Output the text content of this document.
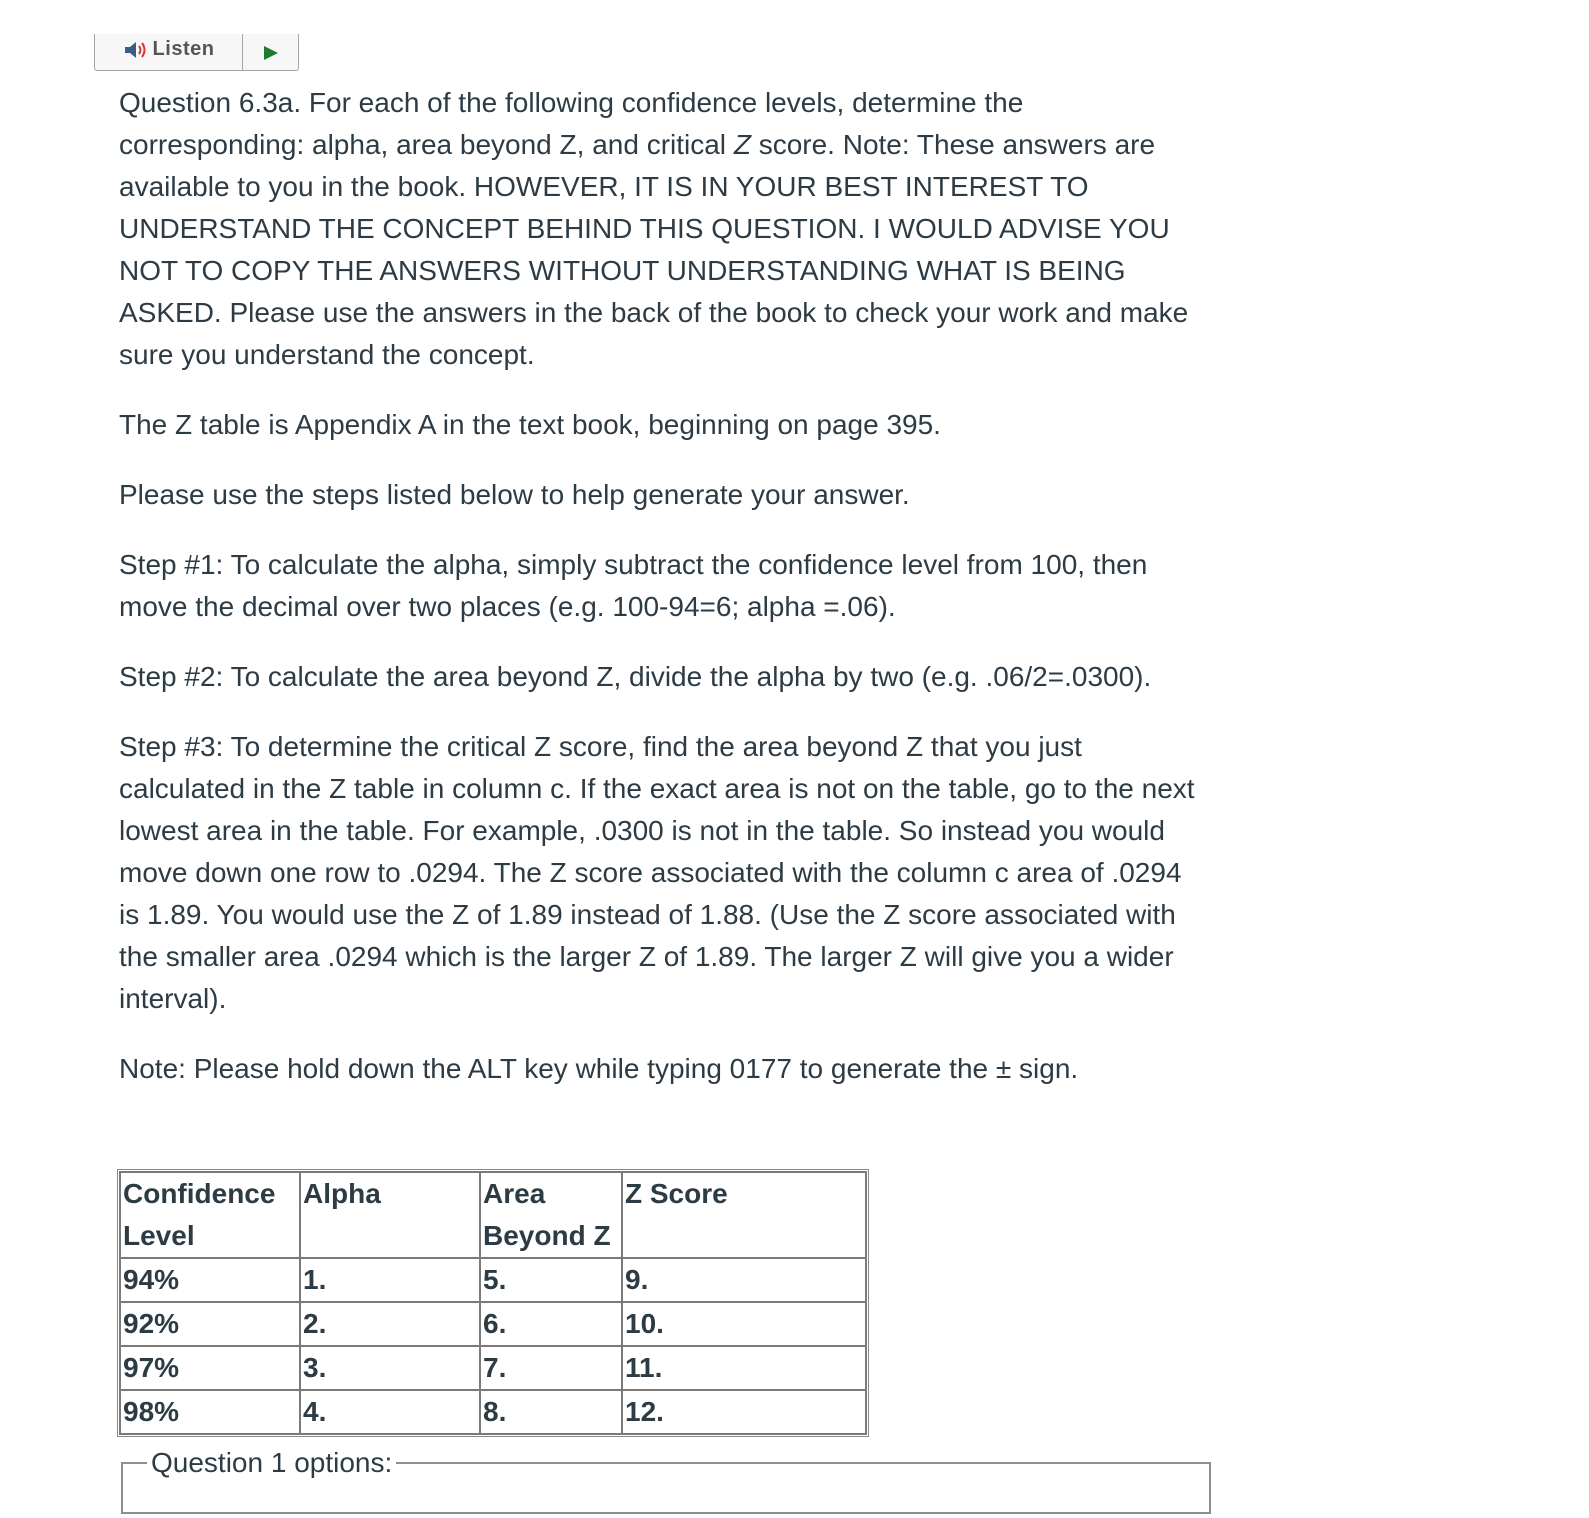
Listen

Question 6.3a. For each of the following confidence levels, determine the corresponding: alpha, area beyond Z, and critical Z score. Note: These answers are available to you in the book. HOWEVER, IT IS IN YOUR BEST INTEREST TO UNDERSTAND THE CONCEPT BEHIND THIS QUESTION. I WOULD ADVISE YOU NOT TO COPY THE ANSWERS WITHOUT UNDERSTANDING WHAT IS BEING ASKED. Please use the answers in the back of the book to check your work and make sure you understand the concept.

The Z table is Appendix A in the text book, beginning on page 395.

Please use the steps listed below to help generate your answer.

Step #1: To calculate the alpha, simply subtract the confidence level from 100, then move the decimal over two places (e.g. 100-94=6; alpha =.06).

Step #2: To calculate the area beyond Z, divide the alpha by two (e.g. .06/2=.0300).

Step #3: To determine the critical Z score, find the area beyond Z that you just calculated in the Z table in column c. If the exact area is not on the table, go to the next lowest area in the table. For example, .0300 is not in the table. So instead you would move down one row to .0294. The Z score associated with the column c area of .0294 is 1.89. You would use the Z of 1.89 instead of 1.88. (Use the Z score associated with the smaller area .0294 which is the larger Z of 1.89. The larger Z will give you a wider interval).

Note: Please hold down the ALT key while typing 0177 to generate the ± sign.

Confidence Level	Alpha	Area Beyond Z	Z Score
94%	1.	5.	9.
92%	2.	6.	10.
97%	3.	7.	11.
98%	4.	8.	12.
Question 1 options:
